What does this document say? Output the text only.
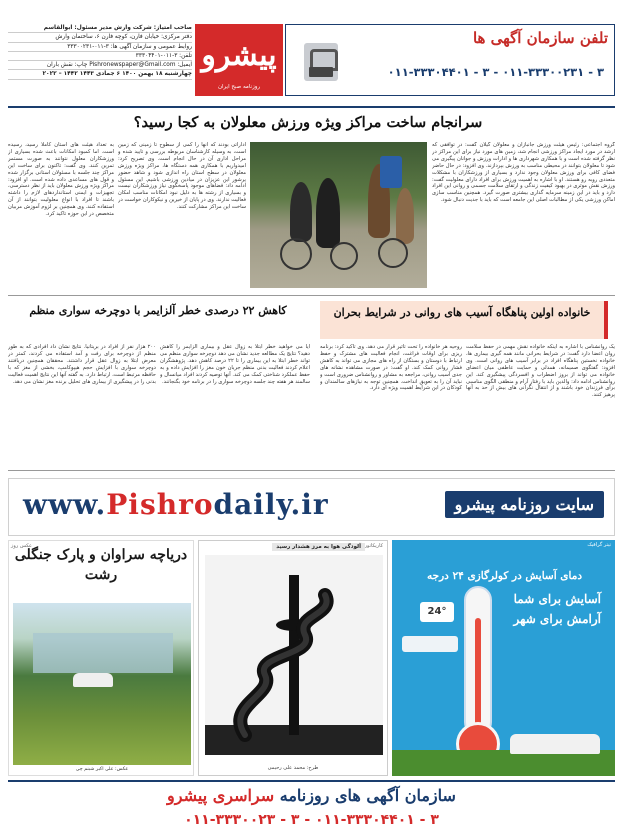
تلفن سازمان آگهی ها
۰۱۱-۳۳۳۰۴۴۰۱ - ۳ - ۰۱۱-۳۳۳۰۰۲۳۱ - ۳
پیشرو
روزنامه صبح ایران
صاحب امتیاز: شرکت وارش مدیر مسئول: ابوالقاسم
دفتر مرکزی: خیابان فارن، کوچه فارن ۶، ساختمان وارش
روابط عمومی و سازمان آگهی ها: ۳-۰۱۱-۳۳۳۰۰۲۳۱
تلفن: ۳-۰۱۱-۳۳۳۰۴۴۰۱
ایمیل: Pishronewspaper@Gmail.com چاپ: نقش باران
چهارشنبه ۱۸ بهمن ۱۴۰۰ ۶ جمادی ۱۴۴۳ ۱۴۴۲ – ۲۰۲۲
سرانجام ساخت مراکز ویژه ورزش معلولان به کجا رسید؟
گروه اجتماعی: رئیس هیئت ورزش جانبازان و معلولان گیلان گفت: در توافقی که ارشد در مورد ایجاد مراکز ورزشی انجام شد، زمین های مورد نیاز برای این مراکز در نظر گرفته شده است و با همکاری شهرداری ها و ادارات ورزش و جوانان پیگیری می شود تا معلولان بتوانند در محیطی مناسب به ورزش بپردازند. وی افزود: در حال حاضر فضای کافی برای ورزش معلولان وجود ندارد و بسیاری از ورزشکاران با مشکلات متعددی روبه رو هستند. او با اشاره به اهمیت ورزش برای افراد دارای معلولیت گفت: ورزش نقش موثری در بهبود کیفیت زندگی و ارتقای سلامت جسمی و روانی این افراد دارد و باید در این زمینه سرمایه گذاری بیشتری صورت گیرد. همچنین مناسب سازی اماکن ورزشی یکی از مطالبات اصلی این جامعه است که باید با جدیت دنبال شود.
اداراتی بودند که آنها را کمی از سطوح تا زمینی که زمین است، به وسیله کارشناسان مربوطه بررسی و تایید شده و مراحل اداری آن در حال انجام است. وی تصریح کرد: امیدواریم با همکاری همه دستگاه ها، مراکز ویژه ورزش معلولان در سطح استان راه اندازی شود و شاهد حضور پرشور این عزیزان در میادین ورزشی باشیم. این مسئول ادامه داد: فضاهای موجود پاسخگوی نیاز ورزشکاران نیست و بسیاری از رشته ها به دلیل نبود امکانات مناسب امکان فعالیت ندارند. وی در پایان از خیرین و نیکوکاران خواست در ساخت این مراکز مشارکت کنند.
به تعداد هیئت های استان کاملا رسید، رسیده است. اما کمبود امکانات باعث شده بسیاری از ورزشکاران معلول نتوانند به صورت مستمر تمرین کنند. وی گفت: تاکنون برای ساخت این مراکز چند جلسه با مسئولان استانی برگزار شده و قول های مساعدی داده شده است. او افزود: مراکز ویژه ورزش معلولان باید از نظر دسترسی، تجهیزات و ایمنی استانداردهای لازم را داشته باشند تا افراد با انواع معلولیت بتوانند از آن استفاده کنند. وی همچنین بر لزوم آموزش مربیان متخصص در این حوزه تاکید کرد.
خانواده اولین پناهگاه آسیب های روانی در شرایط بحران
یک روانشناس با اشاره به اینکه خانواده نقش مهمی در حفظ سلامت روان اعضا دارد گفت: در شرایط بحرانی مانند همه گیری بیماری ها، خانواده نخستین پناهگاه افراد در برابر آسیب های روانی است. وی افزود: گفتگوی صمیمانه، همدلی و حمایت عاطفی میان اعضای خانواده می تواند از بروز اضطراب و افسردگی پیشگیری کند. این روانشناس ادامه داد: والدین باید با رفتار آرام و منطقی الگوی مناسبی برای فرزندان خود باشند و از انتقال نگرانی های بیش از حد به آنها پرهیز کنند.
روحیه هر خانواده را تحت تاثیر قرار می دهد. وی تاکید کرد: برنامه ریزی برای اوقات فراغت، انجام فعالیت های مشترک و حفظ ارتباط با دوستان و بستگان از راه های مجازی می تواند به کاهش فشار روانی کمک کند. او گفت: در صورت مشاهده نشانه های جدی آسیب روانی، مراجعه به مشاور و روانشناس ضروری است و نباید آن را به تعویق انداخت. همچنین توجه به نیازهای سالمندان و کودکان در این شرایط اهمیت ویژه ای دارد.
کاهش ۲۲ درصدی خطر آلزایمر با دوچرخه سواری منظم
آیا می خواهید خطر ابتلا به زوال عقل و بیماری آلزایمر را کاهش دهید؟ نتایج یک مطالعه جدید نشان می دهد دوچرخه سواری منظم می تواند خطر ابتلا به این بیماری را تا ۲۲ درصد کاهش دهد. پژوهشگران اعلام کردند فعالیت بدنی منظم جریان خون مغز را افزایش داده و به حفظ عملکرد شناختی کمک می کند. آنها توصیه کردند افراد میانسال و سالمند هر هفته چند جلسه دوچرخه سواری را در برنامه خود بگنجانند.
۲۰۰ هزار نفر از افراد در بریتانیا. نتایج نشان داد افرادی که به طور منظم از دوچرخه برای رفت و آمد استفاده می کردند، کمتر در معرض ابتلا به زوال عقل قرار داشتند. محققان همچنین دریافتند دوچرخه سواری با افزایش حجم هیپوکامپ، بخشی از مغز که با حافظه مرتبط است، ارتباط دارد. به گفته آنها این نتایج اهمیت فعالیت بدنی را در پیشگیری از بیماری های تحلیل برنده مغز نشان می دهد.
www.Pishrodaily.ir	سایت روزنامه پیشرو
عکس روز
دریاچه سراوان و پارک جنگلی رشت
عکس: علی اکبر شبنم چی
کاریکاتور
آلودگی هوا به مرز هشدار رسید
طرح: محمد علی رحیمی
تیتر گرافیک
دمای آسایش در کولرگازی ۲۴ درجه
آسایش برای شما
آرامش برای شهر
24°
سازمان آگهی های روزنامه سراسری پیشرو
۰۱۱-۳۳۳۰۰۲۳ - ۳ - ۰۱۱-۳۳۳۰۴۴۰۱ - ۳
